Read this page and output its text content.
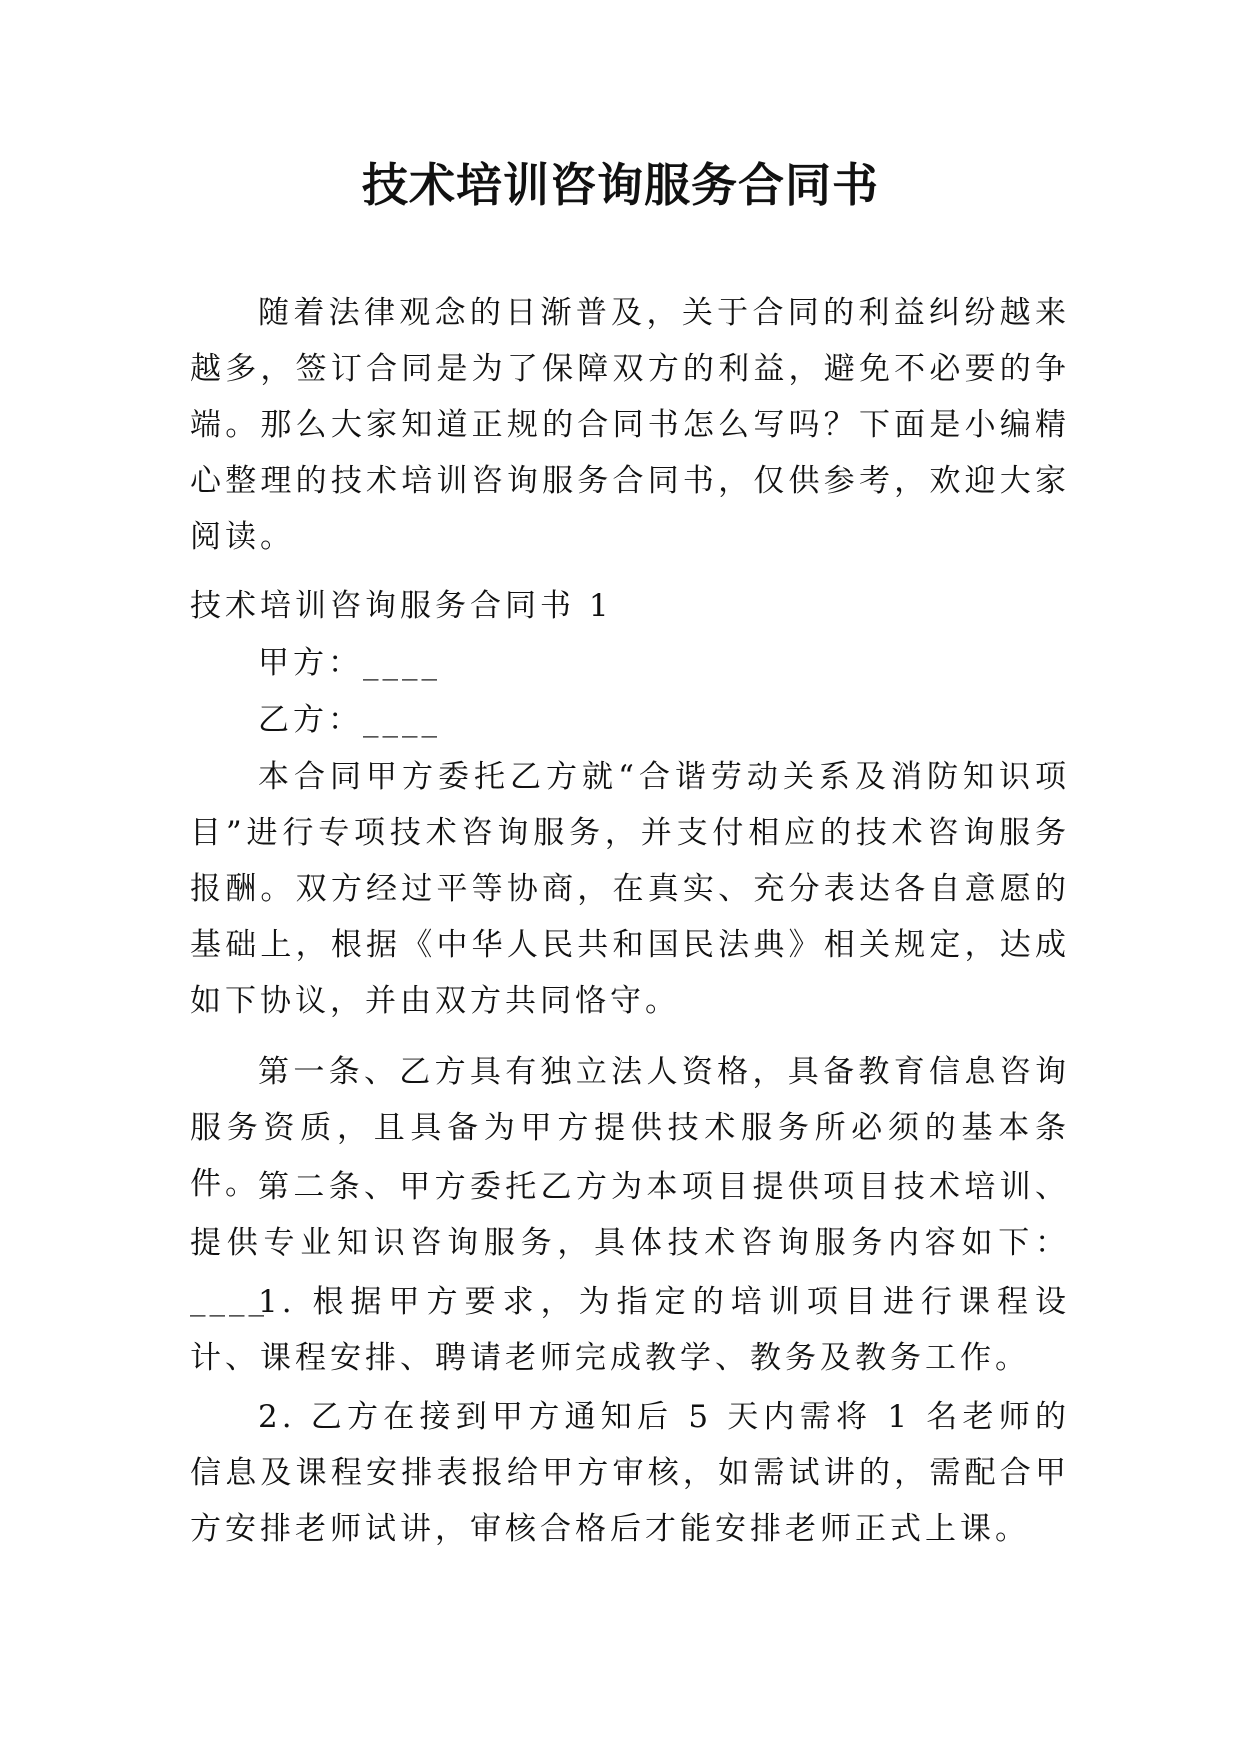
技术培训咨询服务合同书

随着法律观念的日渐普及，关于合同的利益纠纷越来越多，签订合同是为了保障双方的利益，避免不必要的争端。那么大家知道正规的合同书怎么写吗？下面是小编精心整理的技术培训咨询服务合同书，仅供参考，欢迎大家阅读。

技术培训咨询服务合同书 1

甲方：____

乙方：____

本合同甲方委托乙方就“合谐劳动关系及消防知识项目”进行专项技术咨询服务，并支付相应的技术咨询服务报酬。双方经过平等协商，在真实、充分表达各自意愿的基础上，根据《中华人民共和国民法典》相关规定，达成如下协议，并由双方共同恪守。

第一条、乙方具有独立法人资格，具备教育信息咨询服务资质，且具备为甲方提供技术服务所必须的基本条件。

第二条、甲方委托乙方为本项目提供项目技术培训、提供专业知识咨询服务，具体技术咨询服务内容如下：____

1. 根据甲方要求，为指定的培训项目进行课程设计、课程安排、聘请老师完成教学、教务及教务工作。

2. 乙方在接到甲方通知后 5 天内需将 1 名老师的信息及课程安排表报给甲方审核，如需试讲的，需配合甲方安排老师试讲，审核合格后才能安排老师正式上课。
